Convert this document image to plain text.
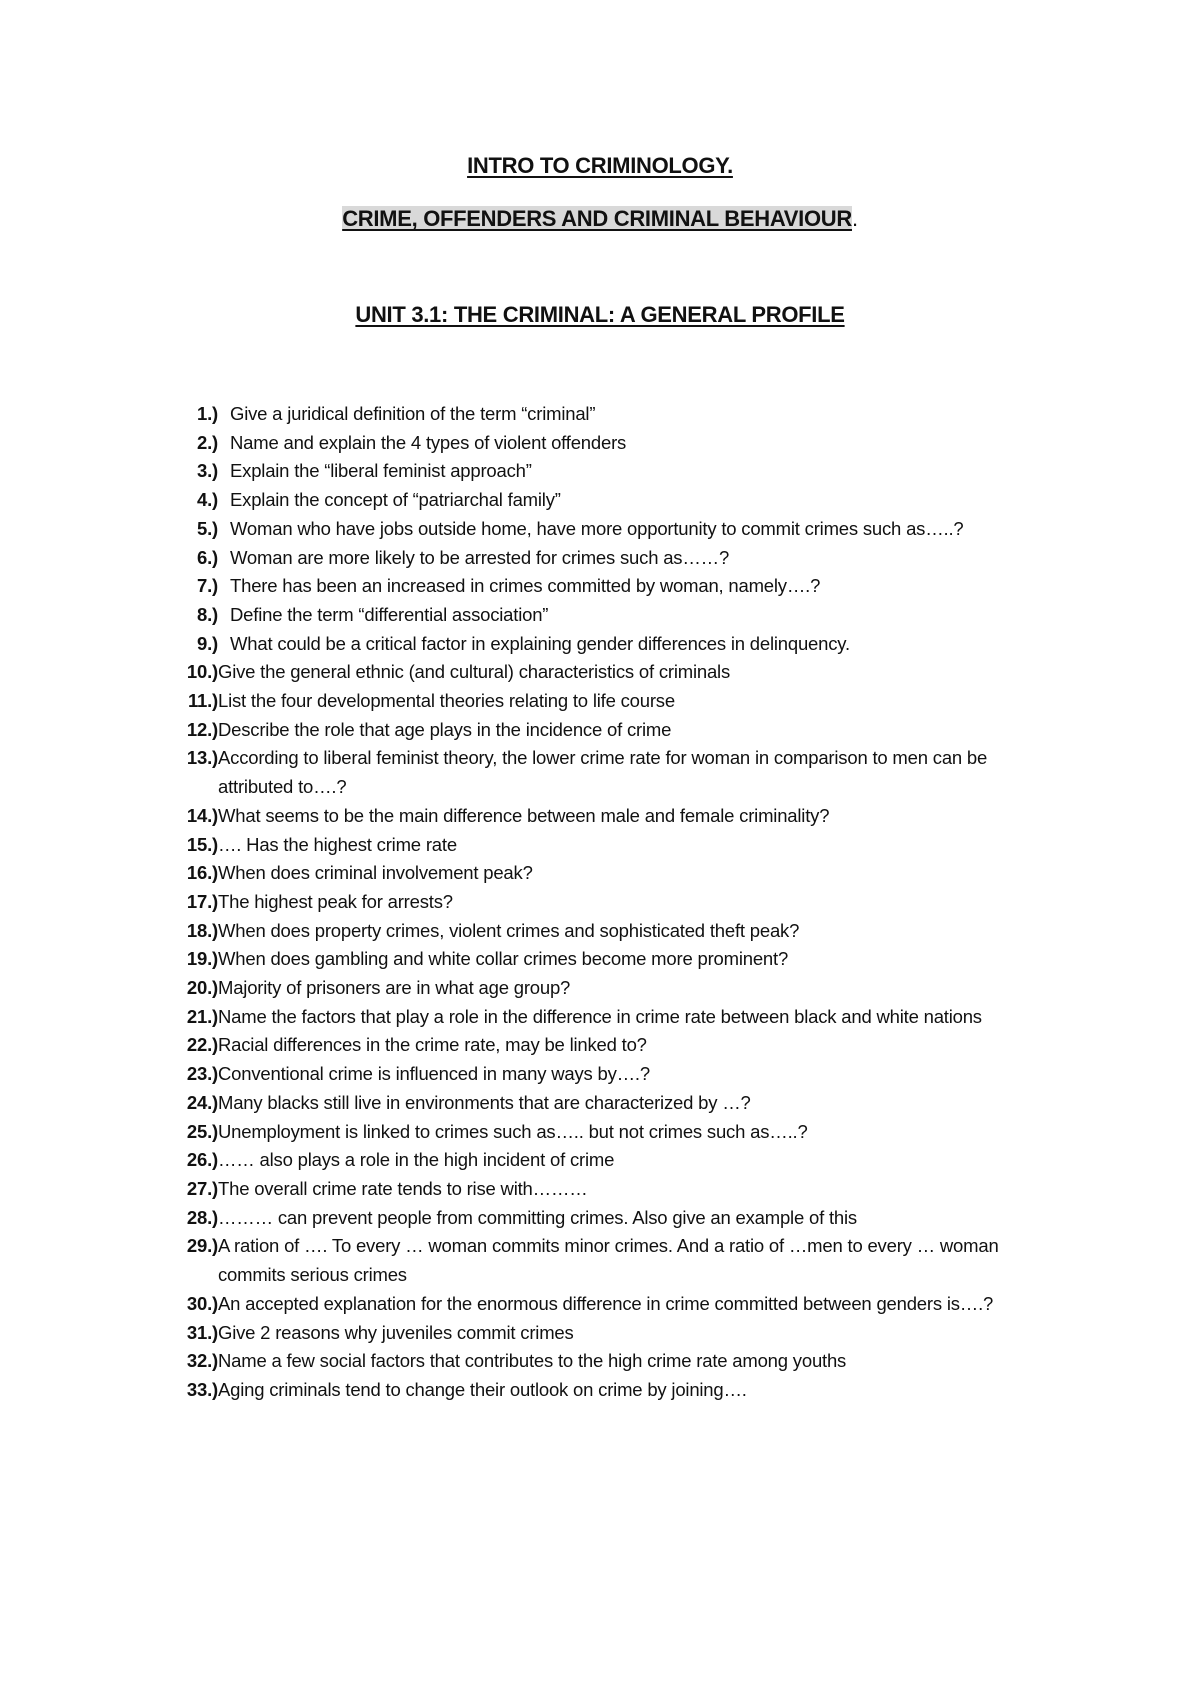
INTRO TO CRIMINOLOGY.
CRIME, OFFENDERS AND CRIMINAL BEHAVIOUR.
UNIT 3.1: THE CRIMINAL: A GENERAL PROFILE
1.) Give a juridical definition of the term “criminal”
2.) Name and explain the 4 types of violent offenders
3.) Explain the “liberal feminist approach”
4.) Explain the concept of “patriarchal family”
5.) Woman who have jobs outside home, have more opportunity to commit crimes such as…..?
6.) Woman are more likely to be arrested for crimes such as……?
7.) There has been an increased in crimes committed by woman, namely….?
8.) Define the term “differential association”
9.) What could be a critical factor in explaining gender differences in delinquency.
10.) Give the general ethnic (and cultural) characteristics of criminals
11.) List the four developmental theories relating to life course
12.) Describe the role that age plays in the incidence of crime
13.) According to liberal feminist theory, the lower crime rate for woman in comparison to men can be attributed to….?
14.) What seems to be the main difference between male and female criminality?
15.) …. Has the highest crime rate
16.) When does criminal involvement peak?
17.) The highest peak for arrests?
18.) When does property crimes, violent crimes and sophisticated theft peak?
19.) When does gambling and white collar crimes become more prominent?
20.) Majority of prisoners are in what age group?
21.) Name the factors that play a role in the difference in crime rate between black and white nations
22.) Racial differences in the crime rate, may be linked to?
23.) Conventional crime is influenced in many ways by….?
24.) Many blacks still live in environments that are characterized by …?
25.) Unemployment is linked to crimes such as….. but not crimes such as…..?
26.) …… also plays a role in the high incident of crime
27.) The overall crime rate tends to rise with………
28.) ……… can prevent people from committing crimes. Also give an example of this
29.) A ration of …. To every … woman commits minor crimes. And a ratio of …men to every … woman commits serious crimes
30.) An accepted explanation for the enormous difference in crime committed between genders is….?
31.) Give 2 reasons why juveniles commit crimes
32.) Name a few social factors that contributes to the high crime rate among youths
33.) Aging criminals tend to change their outlook on crime by joining….
